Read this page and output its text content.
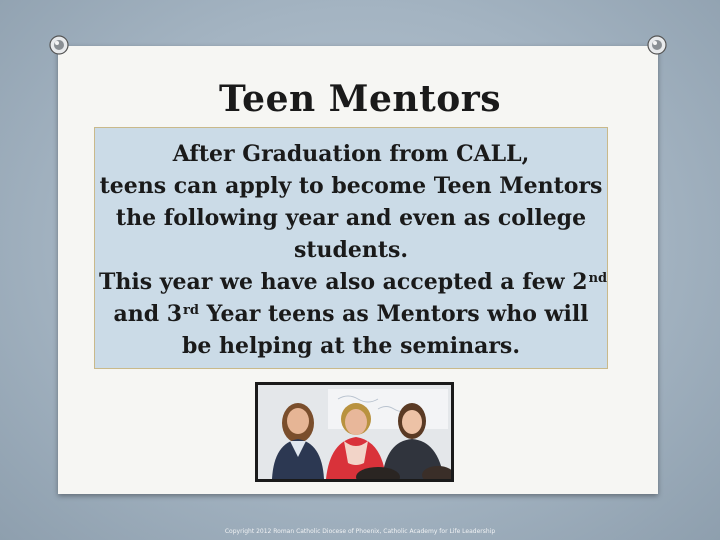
Teen Mentors
After Graduation from CALL,
teens can apply to become Teen Mentors
the following year and even as college
students.
This year we have also accepted a few 2nd
and 3rd Year teens as Mentors who will
be helping at the seminars.
Copyright 2012 Roman Catholic Diocese of Phoenix, Catholic Academy for Life Leadership
